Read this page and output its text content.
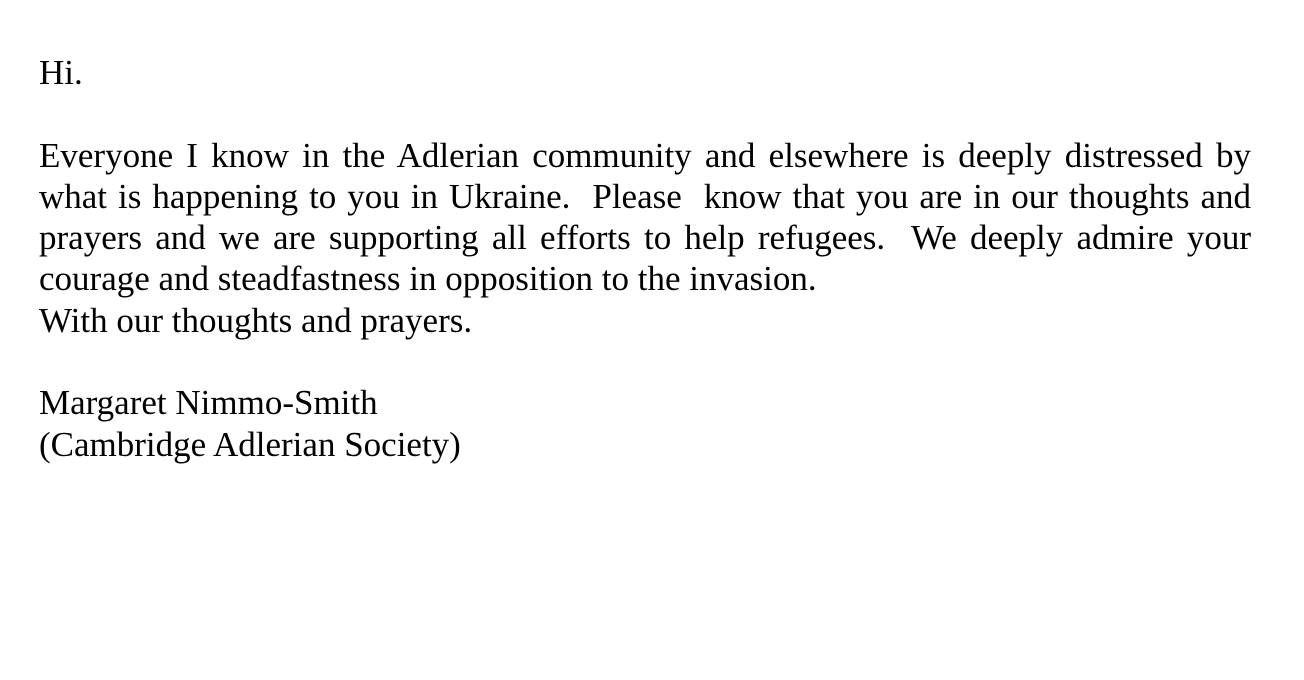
Hi.
Everyone I know in the Adlerian community and elsewhere is deeply distressed by what is happening to you in Ukraine.  Please  know that you are in our thoughts and prayers and we are supporting all efforts to help refugees.  We deeply admire your courage and steadfastness in opposition to the invasion.
With our thoughts and prayers.
Margaret Nimmo-Smith
(Cambridge Adlerian Society)
